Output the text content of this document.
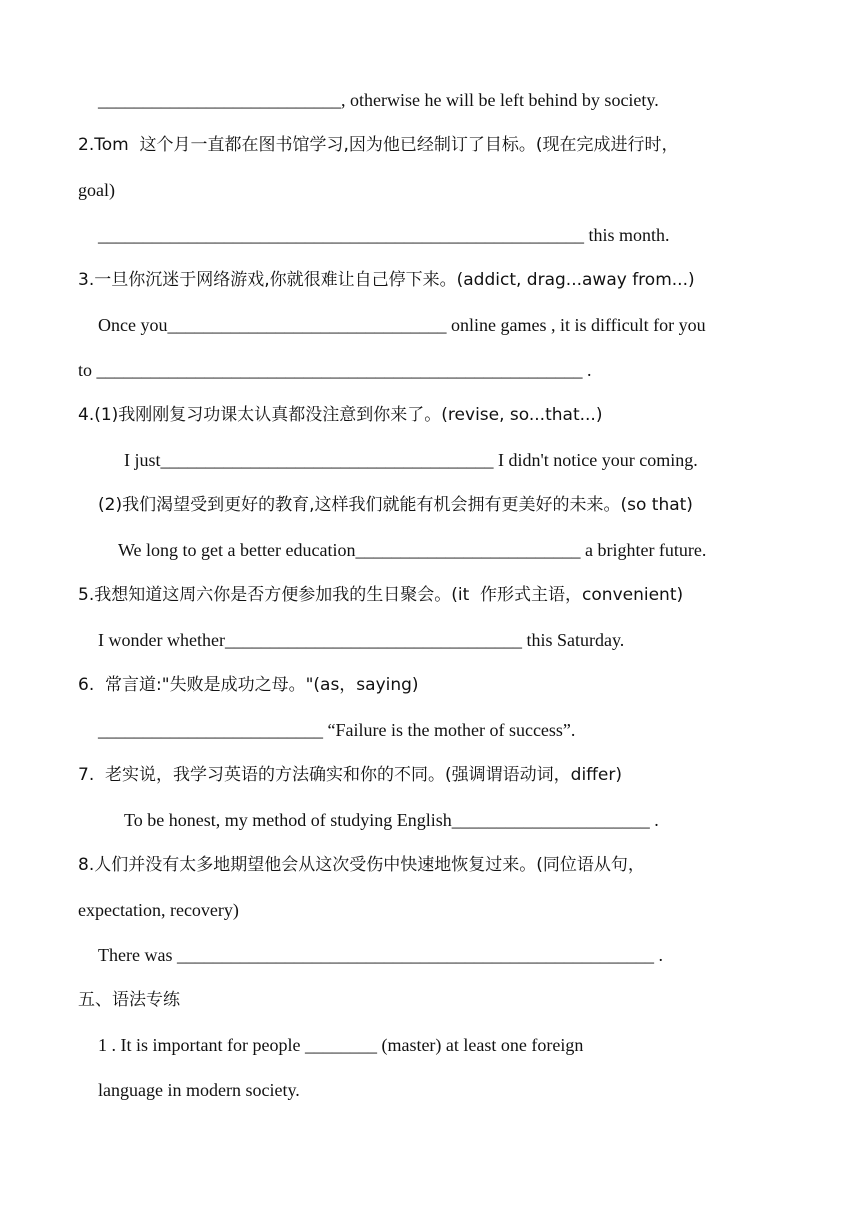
___________________________, otherwise he will be left behind by society.
2.Tom  这个月一直都在图书馆学习,因为他已经制订了目标。(现在完成进行时，
goal)
______________________________________________________ this month.
3.一旦你沉迷于网络游戏,你就很难让自己停下来。(addict, drag...away from...)
Once you_______________________________ online games , it is difficult for you
to ______________________________________________________ .
4.(1)我刚刚复习功课太认真都没注意到你来了。(revise, so...that...)
I just_____________________________________ I didn't notice your coming.
(2)我们渴望受到更好的教育,这样我们就能有机会拥有更美好的未来。(so that)
We long to get a better education_________________________ a brighter future.
5.我想知道这周六你是否方便参加我的生日聚会。(it  作形式主语，convenient)
I wonder whether_________________________________ this Saturday.
6.  常言道:"失败是成功之母。"(as，saying)
_________________________ “Failure is the mother of success”.
7.  老实说，我学习英语的方法确实和你的不同。(强调谓语动词，differ)
To be honest, my method of studying English______________________ .
8.人们并没有太多地期望他会从这次受伤中快速地恢复过来。(同位语从句，
expectation, recovery)
There was _____________________________________________________ .
五、语法专练
1 . It is important for people ________ (master) at least one foreign
language in modern society.
